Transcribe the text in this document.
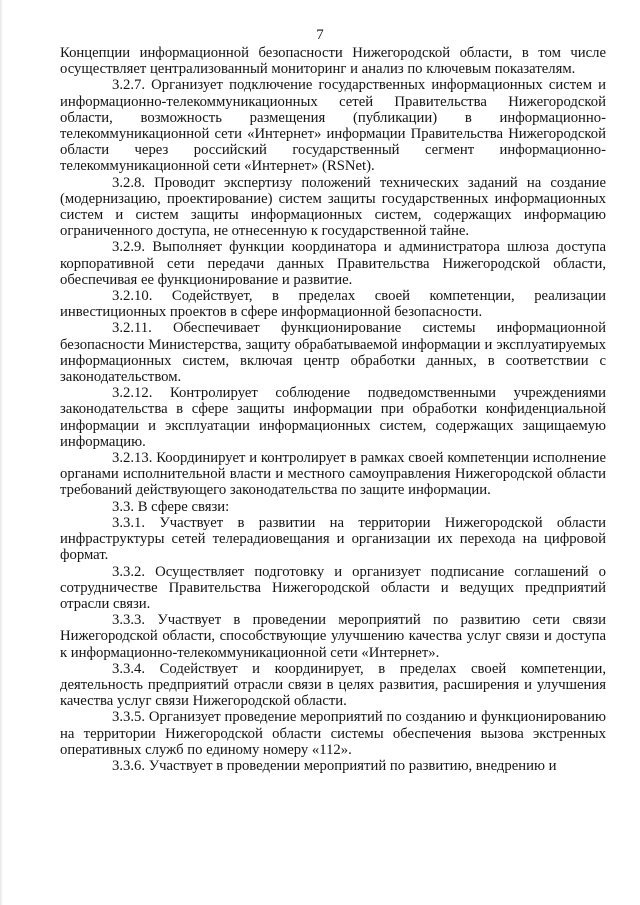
7

Концепции информационной безопасности Нижегородской области, в том числе осуществляет централизованный мониторинг и анализ по ключевым показателям.

3.2.7. Организует подключение государственных информационных систем и информационно-телекоммуникационных сетей Правительства Нижегородской области, возможность размещения (публикации) в информационно-телекоммуникационной сети «Интернет» информации Правительства Нижегородской области через российский государственный сегмент информационно-телекоммуникационной сети «Интернет» (RSNet).

3.2.8. Проводит экспертизу положений технических заданий на создание (модернизацию, проектирование) систем защиты государственных информационных систем и систем защиты информационных систем, содержащих информацию ограниченного доступа, не отнесенную к государственной тайне.

3.2.9. Выполняет функции координатора и администратора шлюза доступа корпоративной сети передачи данных Правительства Нижегородской области, обеспечивая ее функционирование и развитие.

3.2.10. Содействует, в пределах своей компетенции, реализации инвестиционных проектов в сфере информационной безопасности.

3.2.11. Обеспечивает функционирование системы информационной безопасности Министерства, защиту обрабатываемой информации и эксплуатируемых информационных систем, включая центр обработки данных, в соответствии с законодательством.

3.2.12. Контролирует соблюдение подведомственными учреждениями законодательства в сфере защиты информации при обработки конфиденциальной информации и эксплуатации информационных систем, содержащих защищаемую информацию.

3.2.13. Координирует и контролирует в рамках своей компетенции исполнение органами исполнительной власти и местного самоуправления Нижегородской области требований действующего законодательства по защите информации.

3.3. В сфере связи:

3.3.1. Участвует в развитии на территории Нижегородской области инфраструктуры сетей телерадиовещания и организации их перехода на цифровой формат.

3.3.2. Осуществляет подготовку и организует подписание соглашений о сотрудничестве Правительства Нижегородской области и ведущих предприятий отрасли связи.

3.3.3. Участвует в проведении мероприятий по развитию сети связи Нижегородской области, способствующие улучшению качества услуг связи и доступа к информационно-телекоммуникационной сети «Интернет».

3.3.4. Содействует и координирует, в пределах своей компетенции, деятельность предприятий отрасли связи в целях развития, расширения и улучшения качества услуг связи Нижегородской области.

3.3.5. Организует проведение мероприятий по созданию и функционированию на территории Нижегородской области системы обеспечения вызова экстренных оперативных служб по единому номеру «112».

3.3.6. Участвует в проведении мероприятий по развитию, внедрению и
